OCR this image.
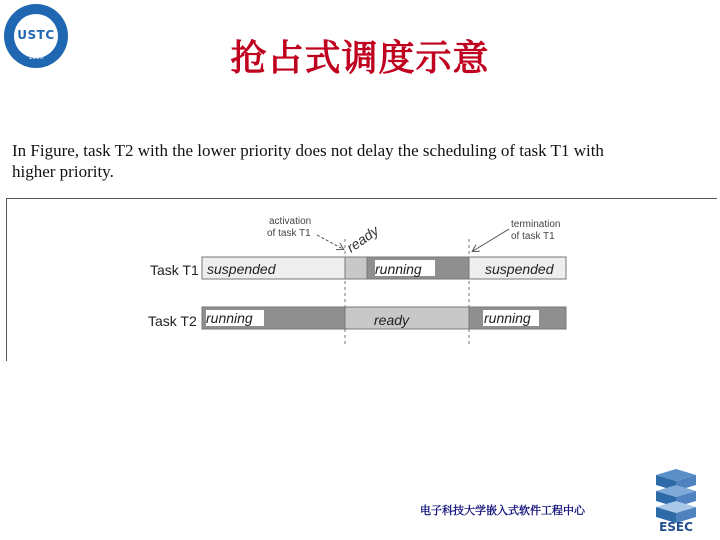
USTC
1956	抢占式调度示意
In Figure, task T2 with the lower priority does not delay the scheduling of task T1 with
higher priority.
Task T1
Task T2
suspended	running	suspended
running	ready	running
activation
of task T1
termination
of task T1
ready
电子科技大学嵌入式软件工程中心
ESEC
